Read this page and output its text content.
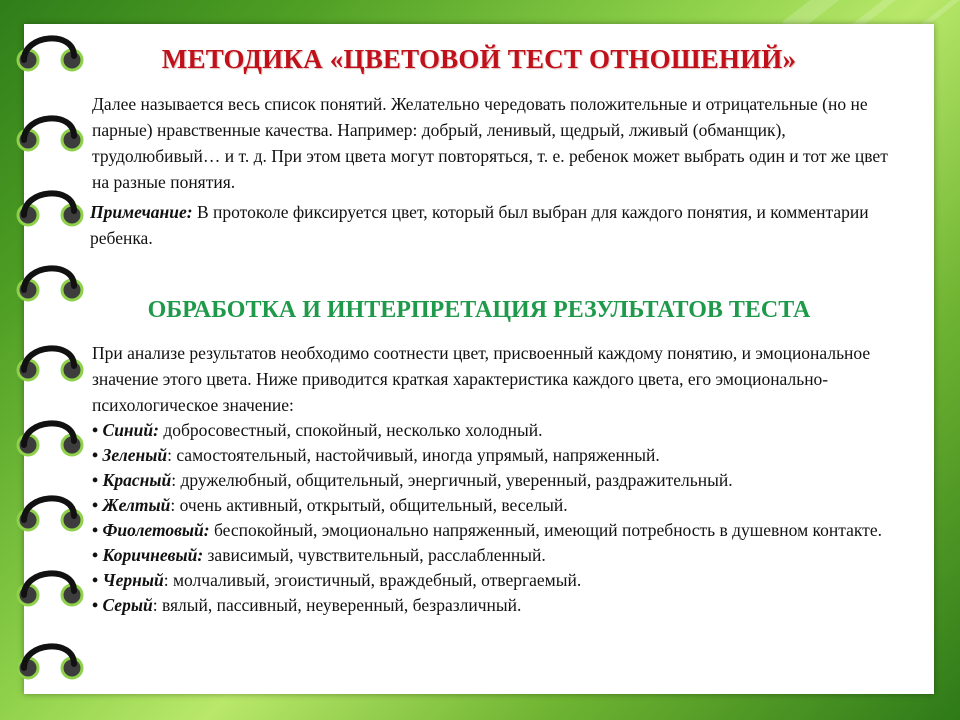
МЕТОДИКА «ЦВЕТОВОЙ ТЕСТ ОТНОШЕНИЙ»

Далее называется весь список понятий. Желательно чередовать положительные и отрицательные (но не парные) нравственные качества. Например: добрый, ленивый, щедрый, лживый (обманщик), трудолюбивый… и т. д. При этом цвета могут повторяться, т. е. ребенок может выбрать один и тот же цвет на разные понятия.

Примечание: В протоколе фиксируется цвет, который был выбран для каждого понятия, и комментарии ребенка.

ОБРАБОТКА И ИНТЕРПРЕТАЦИЯ РЕЗУЛЬТАТОВ ТЕСТА

При анализе результатов необходимо соотнести цвет, присвоенный каждому понятию, и эмоциональное значение этого цвета. Ниже приводится краткая характеристика каждого цвета, его эмоционально-психологическое значение:

• Синий: добросовестный, спокойный, несколько холодный.
• Зеленый: самостоятельный, настойчивый, иногда упрямый, напряженный.
• Красный: дружелюбный, общительный, энергичный, уверенный, раздражительный.
• Желтый: очень активный, открытый, общительный, веселый.
• Фиолетовый: беспокойный, эмоционально напряженный, имеющий потребность в душевном контакте.
• Коричневый: зависимый, чувствительный, расслабленный.
• Черный: молчаливый, эгоистичный, враждебный, отвергаемый.
• Серый: вялый, пассивный, неуверенный, безразличный.
